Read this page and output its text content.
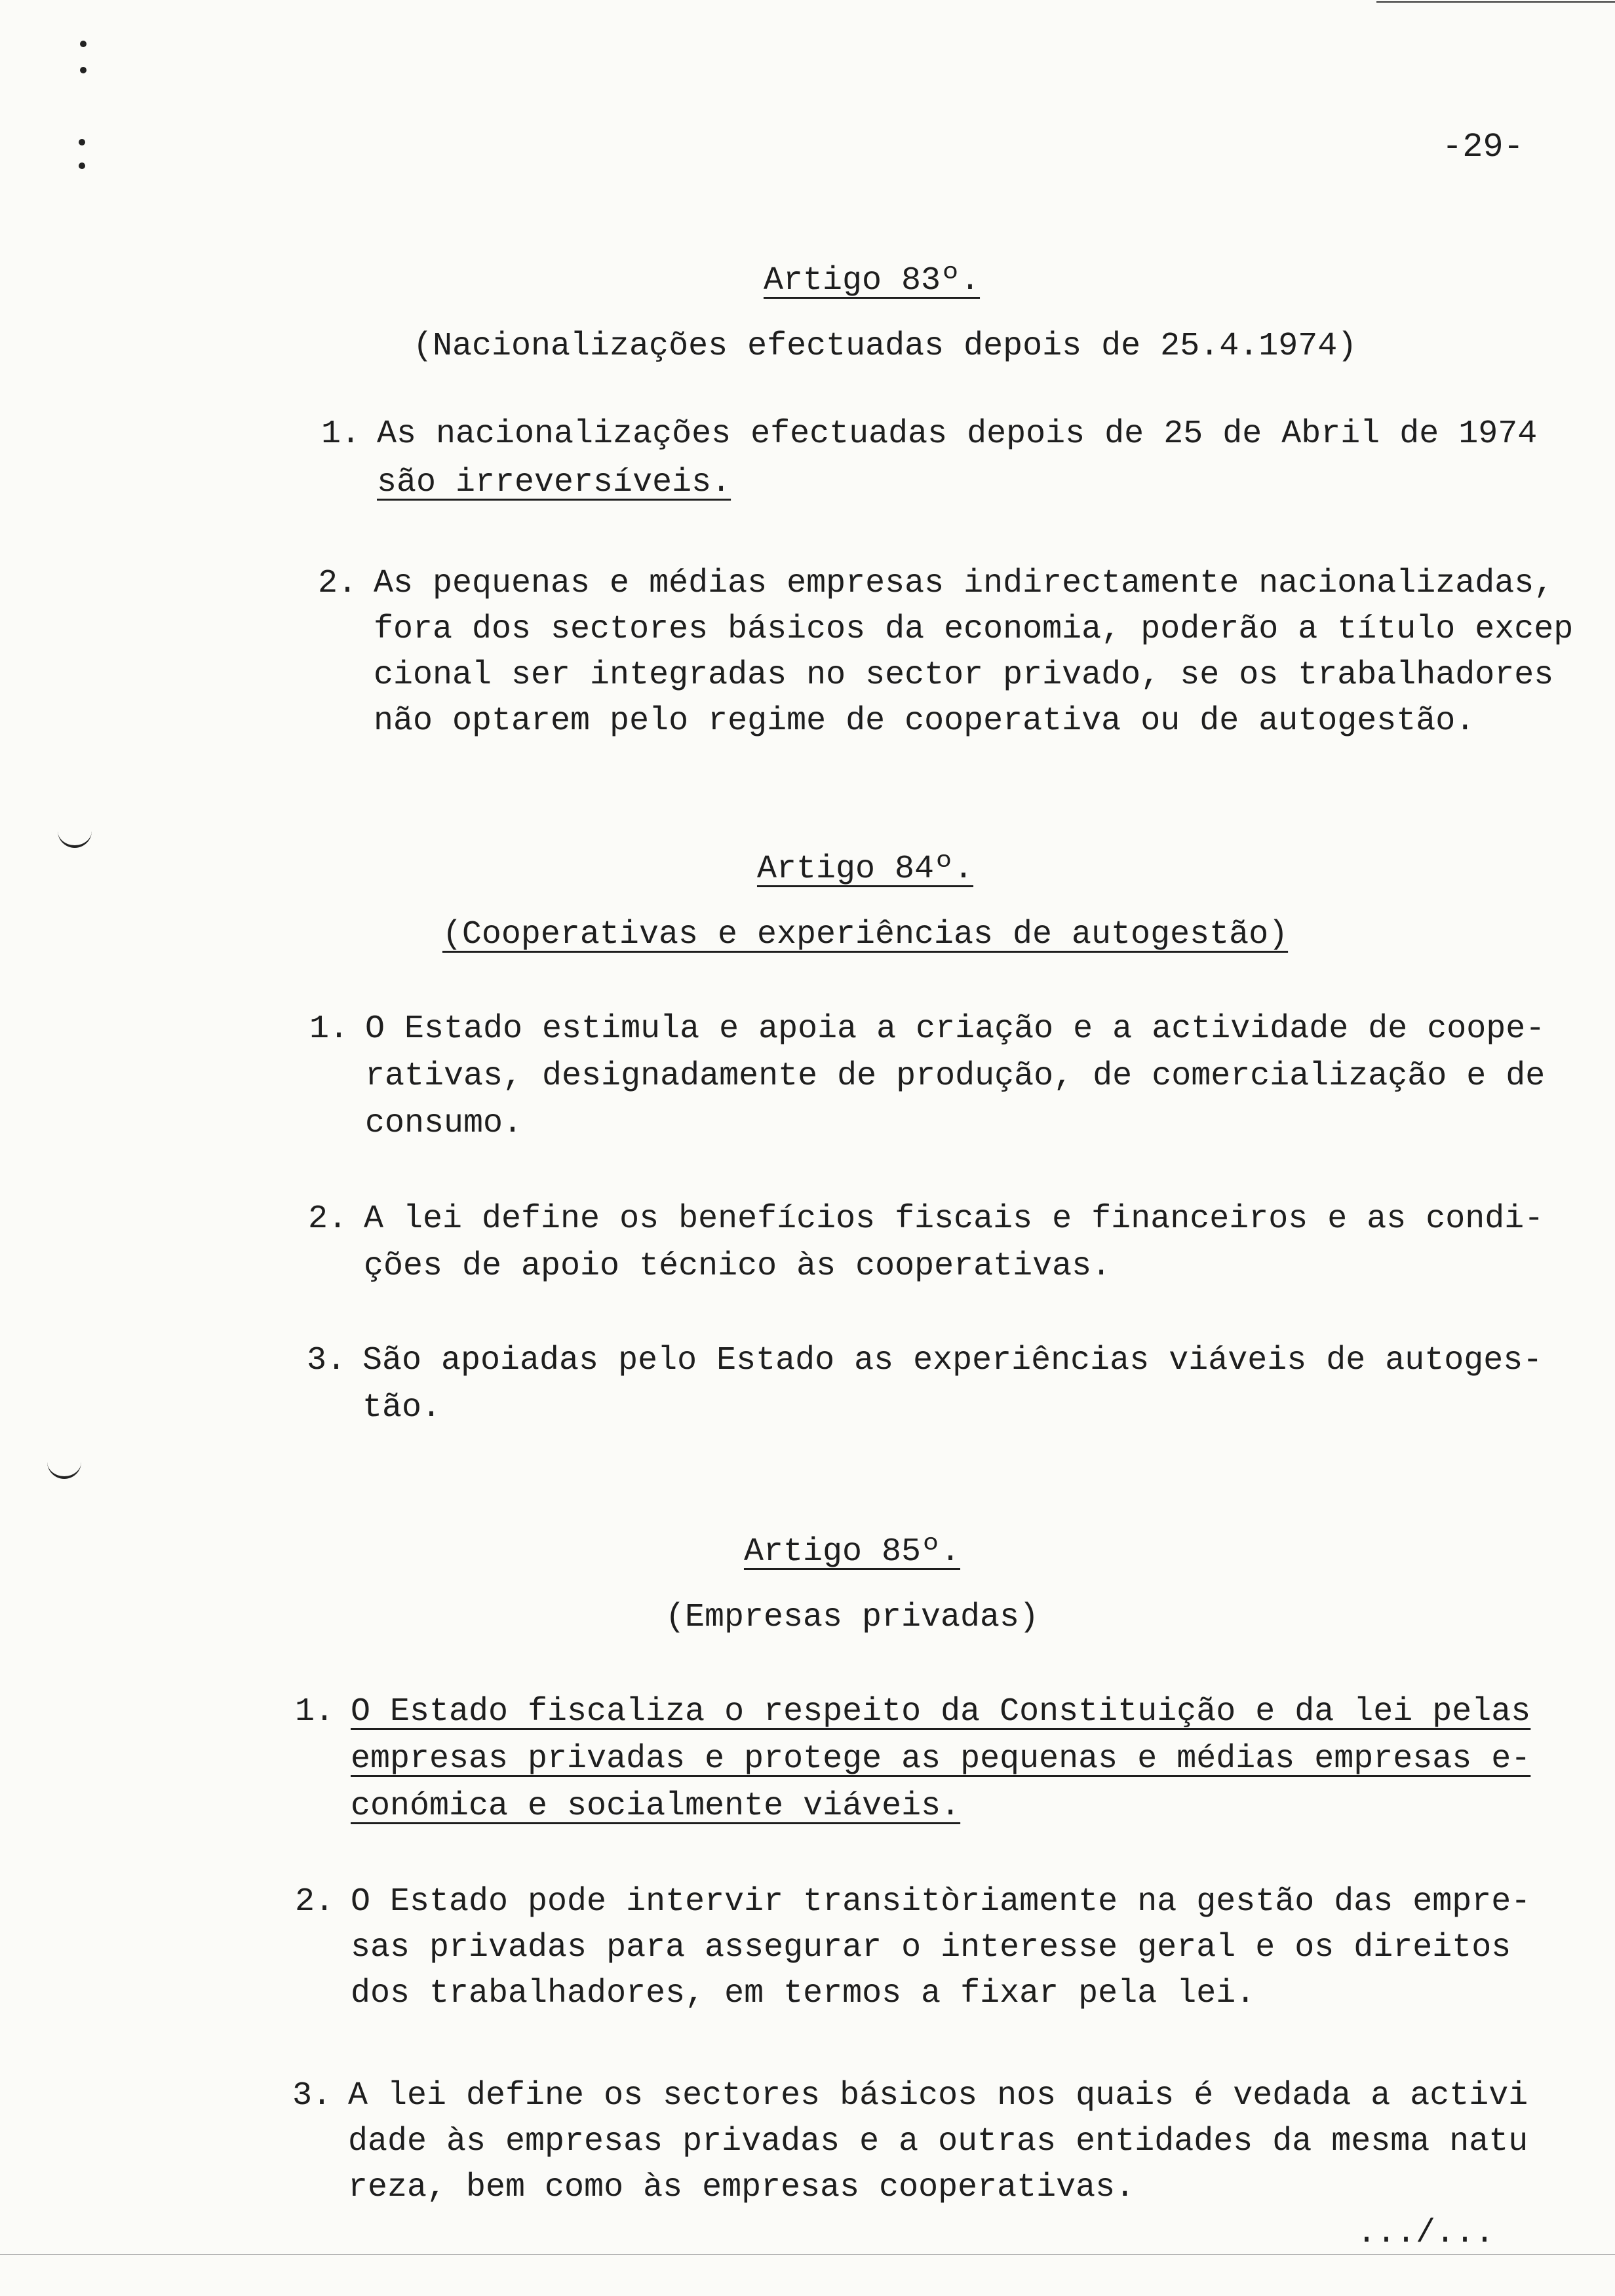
-29-
Artigo 83º.
(Nacionalizações efectuadas depois de 25.4.1974)
1. As nacionalizações efectuadas depois de 25 de Abril de 1974
são irreversíveis.
2. As pequenas e médias empresas indirectamente nacionalizadas,
fora dos sectores básicos da economia, poderão a título excep
cional ser integradas no sector privado, se os trabalhadores
não optarem pelo regime de cooperativa ou de autogestão.
Artigo 84º.
(Cooperativas e experiências de autogestão)
1. O Estado estimula e apoia a criação e a actividade de coope-
rativas, designadamente de produção, de comercialização e de
consumo.
2. A lei define os benefícios fiscais e financeiros e as condi-
ções de apoio técnico às cooperativas.
3. São apoiadas pelo Estado as experiências viáveis de autoges-
tão.
Artigo 85º.
(Empresas privadas)
1. O Estado fiscaliza o respeito da Constituição e da lei pelas
empresas privadas e protege as pequenas e médias empresas e-
conómica e socialmente viáveis.
2. O Estado pode intervir transitòriamente na gestão das empre-
sas privadas para assegurar o interesse geral e os direitos
dos trabalhadores, em termos a fixar pela lei.
3. A lei define os sectores básicos nos quais é vedada a activi
dade às empresas privadas e a outras entidades da mesma natu
reza, bem como às empresas cooperativas.
.../...
